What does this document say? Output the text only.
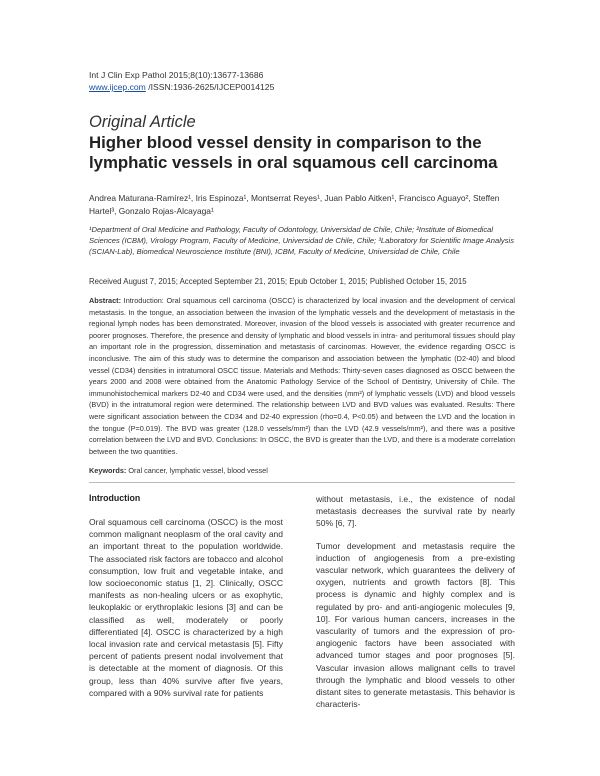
Int J Clin Exp Pathol 2015;8(10):13677-13686
www.ijcep.com /ISSN:1936-2625/IJCEP0014125
Original Article
Higher blood vessel density in comparison to the lymphatic vessels in oral squamous cell carcinoma
Andrea Maturana-Ramírez¹, Iris Espinoza¹, Montserrat Reyes¹, Juan Pablo Aitken¹, Francisco Aguayo², Steffen Hartel³, Gonzalo Rojas-Alcayaga¹
¹Department of Oral Medicine and Pathology, Faculty of Odontology, Universidad de Chile, Chile; ²Institute of Biomedical Sciences (ICBM), Virology Program, Faculty of Medicine, Universidad de Chile, Chile; ³Laboratory for Scientific Image Analysis (SCIAN-Lab), Biomedical Neuroscience Institute (BNI), ICBM, Faculty of Medicine, Universidad de Chile, Chile
Received August 7, 2015; Accepted September 21, 2015; Epub October 1, 2015; Published October 15, 2015
Abstract: Introduction: Oral squamous cell carcinoma (OSCC) is characterized by local invasion and the development of cervical metastasis. In the tongue, an association between the invasion of the lymphatic vessels and the development of metastasis in the regional lymph nodes has been demonstrated. Moreover, invasion of the blood vessels is associated with greater recurrence and poorer prognoses. Therefore, the presence and density of lymphatic and blood vessels in intra- and peritumoral tissues should play an important role in the progression, dissemination and metastasis of carcinomas. However, the evidence regarding OSCC is inconclusive. The aim of this study was to determine the comparison and association between the lymphatic (D2-40) and blood vessel (CD34) densities in intratumoral OSCC tissue. Materials and Methods: Thirty-seven cases diagnosed as OSCC between the years 2000 and 2008 were obtained from the Anatomic Pathology Service of the School of Dentistry, University of Chile. The immunohistochemical markers D2-40 and CD34 were used, and the densities (mm²) of lymphatic vessels (LVD) and blood vessels (BVD) in the intratumoral region were determined. The relationship between LVD and BVD values was evaluated. Results: There were significant association between the CD34 and D2-40 expression (rho=0.4, P<0.05) and between the LVD and the location in the tongue (P=0.019). The BVD was greater (128.0 vessels/mm²) than the LVD (42.9 vessels/mm²), and there was a positive correlation between the LVD and BVD. Conclusions: In OSCC, the BVD is greater than the LVD, and there is a moderate correlation between the two quantities.
Keywords: Oral cancer, lymphatic vessel, blood vessel
Introduction

Oral squamous cell carcinoma (OSCC) is the most common malignant neoplasm of the oral cavity and an important threat to the population worldwide. The associated risk factors are tobacco and alcohol consumption, low fruit and vegetable intake, and low socioeconomic status [1, 2]. Clinically, OSCC manifests as non-healing ulcers or as exophytic, leukoplakic or erythroplakic lesions [3] and can be classified as well, moderately or poorly differentiated [4]. OSCC is characterized by a high local invasion rate and cervical metastasis [5]. Fifty percent of patients present nodal involvement that is detectable at the moment of diagnosis. Of this group, less than 40% survive after five years, compared with a 90% survival rate for patients

without metastasis, i.e., the existence of nodal metastasis decreases the survival rate by nearly 50% [6, 7].

Tumor development and metastasis require the induction of angiogenesis from a pre-existing vascular network, which guarantees the delivery of oxygen, nutrients and growth factors [8]. This process is dynamic and highly complex and is regulated by pro- and anti-angiogenic molecules [9, 10]. For various human cancers, increases in the vascularity of tumors and the expression of pro-angiogenic factors have been associated with advanced tumor stages and poor prognoses [5]. Vascular invasion allows malignant cells to travel through the lymphatic and blood vessels to other distant sites to generate metastasis. This behavior is characteris-
